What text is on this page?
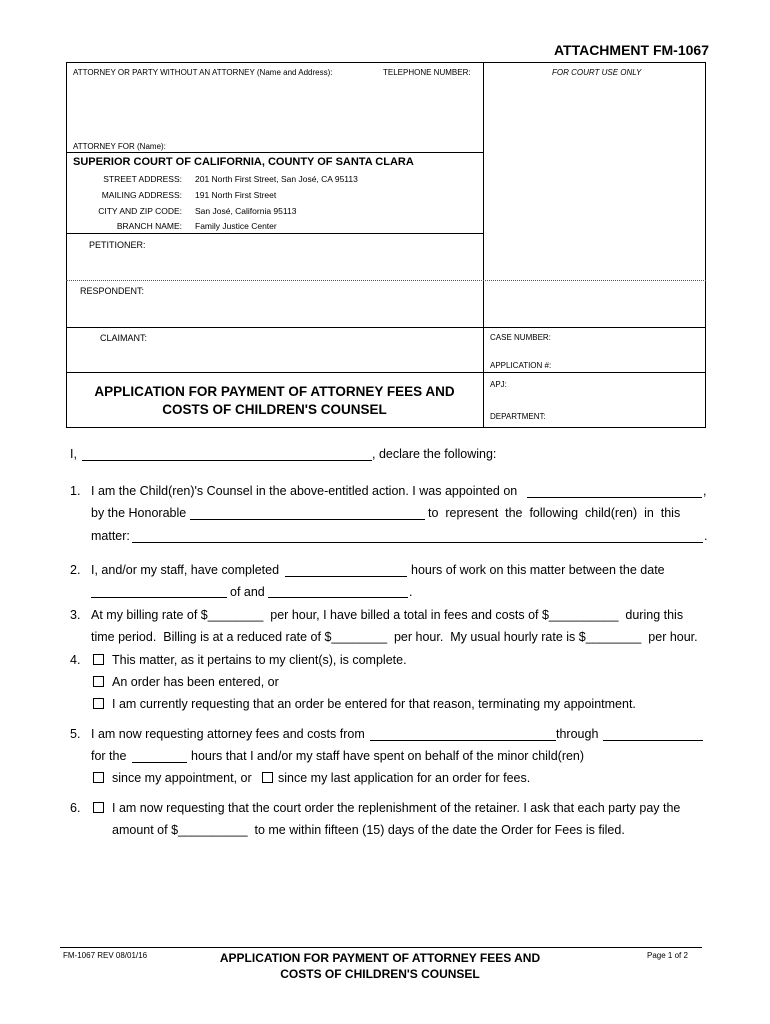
ATTACHMENT FM-1067
ATTORNEY OR PARTY WITHOUT AN ATTORNEY (Name and Address):	TELEPHONE NUMBER:	FOR COURT USE ONLY
ATTORNEY FOR (Name):
SUPERIOR COURT OF CALIFORNIA, COUNTY OF SANTA CLARA
STREET ADDRESS: 201 North First Street, San José, CA 95113
MAILING ADDRESS: 191 North First Street
CITY AND ZIP CODE: San José, California 95113
BRANCH NAME: Family Justice Center
PETITIONER:
RESPONDENT:
CLAIMANT:	CASE NUMBER:
APPLICATION #:
APJ:
DEPARTMENT:
APPLICATION FOR PAYMENT OF ATTORNEY FEES AND
COSTS OF CHILDREN'S COUNSEL
I,	, declare the following:
1. I am the Child(ren)'s Counsel in the above-entitled action. I was appointed on	,
by the Honorable	to  represent  the  following  child(ren)  in  this
matter:	.
2. I, and/or my staff, have completed	hours of work on this matter between the date
of and	.
3. At my billing rate of $________  per hour, I have billed a total in fees and costs of $__________  during this
time period.  Billing is at a reduced rate of $________  per hour.  My usual hourly rate is $________  per hour.
4.	This matter, as it pertains to my client(s), is complete.
An order has been entered, or
I am currently requesting that an order be entered for that reason, terminating my appointment.
5. I am now requesting attorney fees and costs from	through
for the	hours that I and/or my staff have spent on behalf of the minor child(ren)
since my appointment, or since my last application for an order for fees.
6.	I am now requesting that the court order the replenishment of the retainer. I ask that each party pay the
amount of $__________  to me within fifteen (15) days of the date the Order for Fees is filed.
FM-1067 REV 08/01/16	APPLICATION FOR PAYMENT OF ATTORNEY FEES AND
COSTS OF CHILDREN'S COUNSEL
Page 1 of 2
